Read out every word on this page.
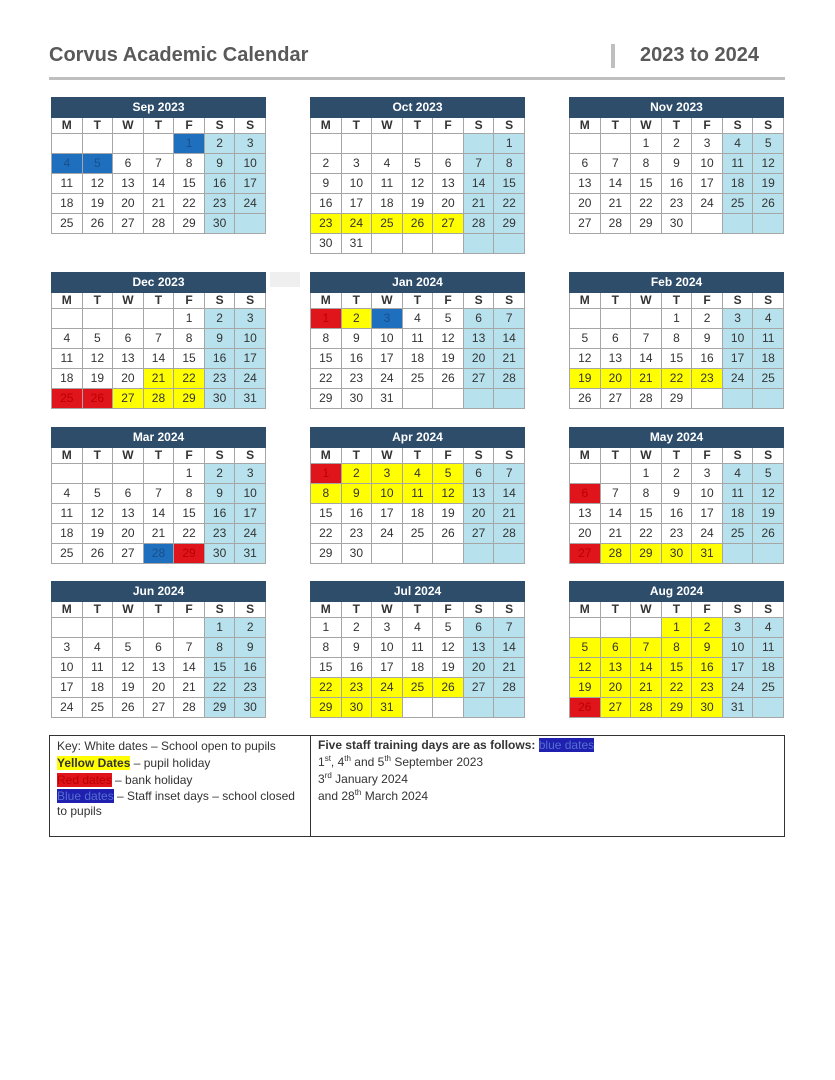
Corvus Academic Calendar	2023 to 2024
Sep 2023						
M	T	W	T	F	S	S
				1	2	3
4	5	6	7	8	9	10
11	12	13	14	15	16	17
18	19	20	21	22	23	24
25	26	27	28	29	30	
Oct 2023						
M	T	W	T	F	S	S
						1
2	3	4	5	6	7	8
9	10	11	12	13	14	15
16	17	18	19	20	21	22
23	24	25	26	27	28	29
30	31					
Nov 2023						
M	T	W	T	F	S	S
		1	2	3	4	5
6	7	8	9	10	11	12
13	14	15	16	17	18	19
20	21	22	23	24	25	26
27	28	29	30			
Dec 2023						
M	T	W	T	F	S	S
				1	2	3
4	5	6	7	8	9	10
11	12	13	14	15	16	17
18	19	20	21	22	23	24
25	26	27	28	29	30	31
Jan 2024						
M	T	W	T	F	S	S
1	2	3	4	5	6	7
8	9	10	11	12	13	14
15	16	17	18	19	20	21
22	23	24	25	26	27	28
29	30	31				
Feb 2024						
M	T	W	T	F	S	S
			1	2	3	4
5	6	7	8	9	10	11
12	13	14	15	16	17	18
19	20	21	22	23	24	25
26	27	28	29			
Mar 2024						
M	T	W	T	F	S	S
				1	2	3
4	5	6	7	8	9	10
11	12	13	14	15	16	17
18	19	20	21	22	23	24
25	26	27	28	29	30	31
Apr 2024						
M	T	W	T	F	S	S
1	2	3	4	5	6	7
8	9	10	11	12	13	14
15	16	17	18	19	20	21
22	23	24	25	26	27	28
29	30					
May 2024						
M	T	W	T	F	S	S
		1	2	3	4	5
6	7	8	9	10	11	12
13	14	15	16	17	18	19
20	21	22	23	24	25	26
27	28	29	30	31		
Jun 2024						
M	T	W	T	F	S	S
					1	2
3	4	5	6	7	8	9
10	11	12	13	14	15	16
17	18	19	20	21	22	23
24	25	26	27	28	29	30
Jul 2024						
M	T	W	T	F	S	S
1	2	3	4	5	6	7
8	9	10	11	12	13	14
15	16	17	18	19	20	21
22	23	24	25	26	27	28
29	30	31				
Aug 2024						
M	T	W	T	F	S	S
			1	2	3	4
5	6	7	8	9	10	11
12	13	14	15	16	17	18
19	20	21	22	23	24	25
26	27	28	29	30	31	
Key: White dates – School open to pupils
Yellow Dates – pupil holiday
Red dates – bank holiday
Blue dates – Staff inset days – school closed to pupils
Five staff training days are as follows: blue dates
1st, 4th and 5th September 2023
3rd January 2024
and 28th March 2024
